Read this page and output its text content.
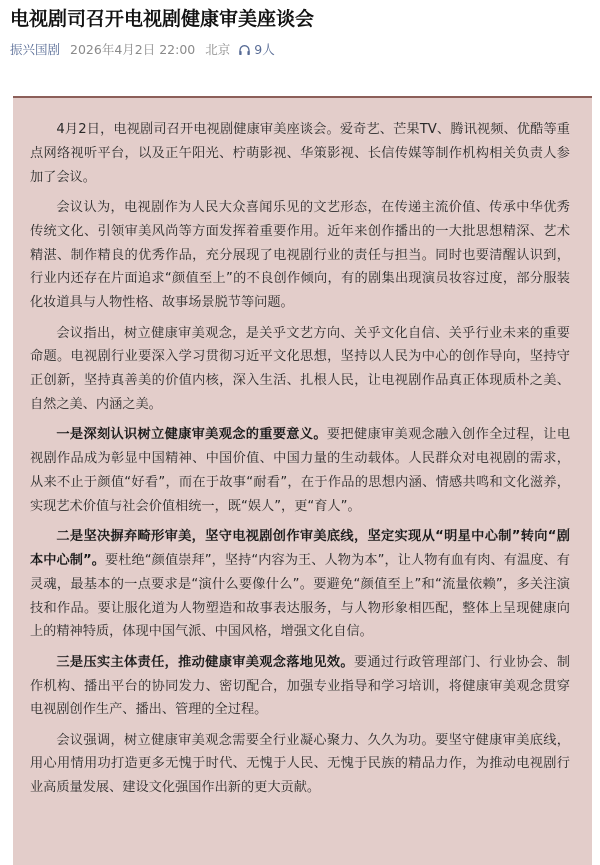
电视剧司召开电视剧健康审美座谈会
振兴国剧 2026年4月2日 22:00 北京 9人

4月2日，电视剧司召开电视剧健康审美座谈会。爱奇艺、芒果TV、腾讯视频、优酷等重点网络视听平台，以及正午阳光、柠萌影视、华策影视、长信传媒等制作机构相关负责人参加了会议。

会议认为，电视剧作为人民大众喜闻乐见的文艺形态，在传递主流价值、传承中华优秀传统文化、引领审美风尚等方面发挥着重要作用。近年来创作播出的一大批思想精深、艺术精湛、制作精良的优秀作品，充分展现了电视剧行业的责任与担当。同时也要清醒认识到，行业内还存在片面追求“颜值至上”的不良创作倾向，有的剧集出现演员妆容过度，部分服装化妆道具与人物性格、故事场景脱节等问题。

会议指出，树立健康审美观念，是关乎文艺方向、关乎文化自信、关乎行业未来的重要命题。电视剧行业要深入学习贯彻习近平文化思想，坚持以人民为中心的创作导向，坚持守正创新，坚持真善美的价值内核，深入生活、扎根人民，让电视剧作品真正体现质朴之美、自然之美、内涵之美。

一是深刻认识树立健康审美观念的重要意义。要把健康审美观念融入创作全过程，让电视剧作品成为彰显中国精神、中国价值、中国力量的生动载体。人民群众对电视剧的需求，从来不止于颜值“好看”，而在于故事“耐看”，在于作品的思想内涵、情感共鸣和文化滋养，实现艺术价值与社会价值相统一，既“娱人”，更“育人”。

二是坚决摒弃畸形审美，坚守电视剧创作审美底线，坚定实现从“明星中心制”转向“剧本中心制”。要杜绝“颜值崇拜”，坚持“内容为王、人物为本”，让人物有血有肉、有温度、有灵魂，最基本的一点要求是“演什么要像什么”。要避免“颜值至上”和“流量依赖”，多关注演技和作品。要让服化道为人物塑造和故事表达服务，与人物形象相匹配，整体上呈现健康向上的精神特质，体现中国气派、中国风格，增强文化自信。

三是压实主体责任，推动健康审美观念落地见效。要通过行政管理部门、行业协会、制作机构、播出平台的协同发力、密切配合，加强专业指导和学习培训，将健康审美观念贯穿电视剧创作生产、播出、管理的全过程。

会议强调，树立健康审美观念需要全行业凝心聚力、久久为功。要坚守健康审美底线，用心用情用功打造更多无愧于时代、无愧于人民、无愧于民族的精品力作，为推动电视剧行业高质量发展、建设文化强国作出新的更大贡献。
